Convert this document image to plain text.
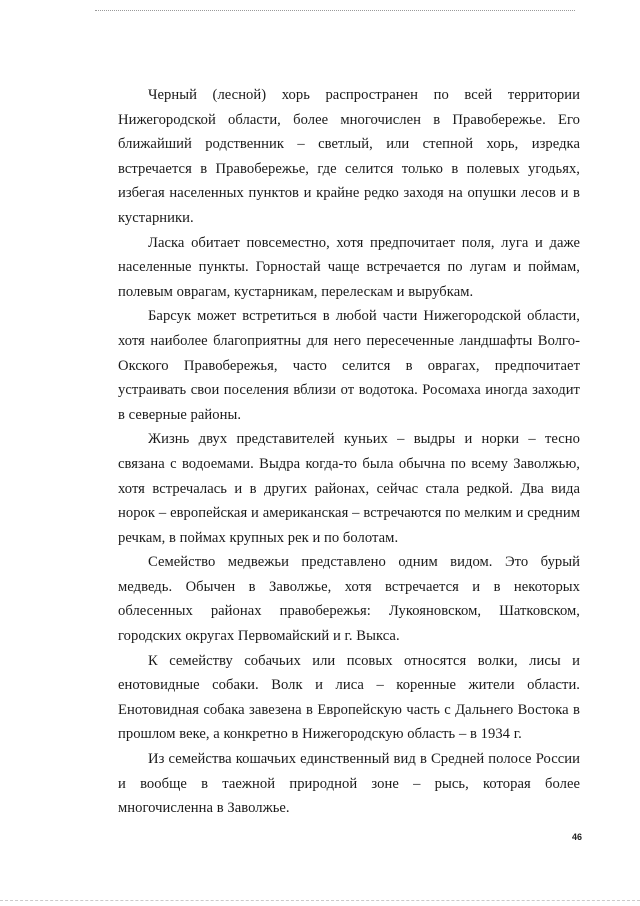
Черный (лесной) хорь распространен по всей территории Нижегородской области, более многочислен в Правобережье. Его ближайший родственник – светлый, или степной хорь, изредка встречается в Правобережье, где селится только в полевых угодьях, избегая населенных пунктов и крайне редко заходя на опушки лесов и в кустарники.

Ласка обитает повсеместно, хотя предпочитает поля, луга и даже населенные пункты. Горностай чаще встречается по лугам и поймам, полевым оврагам, кустарникам, перелескам и вырубкам.

Барсук может встретиться в любой части Нижегородской области, хотя наиболее благоприятны для него пересеченные ландшафты Волго-Окского Правобережья, часто селится в оврагах, предпочитает устраивать свои поселения вблизи от водотока. Росомаха иногда заходит в северные районы.

Жизнь двух представителей куньих – выдры и норки – тесно связана с водоемами. Выдра когда-то была обычна по всему Заволжью, хотя встречалась и в других районах, сейчас стала редкой. Два вида норок – европейская и американская – встречаются по мелким и средним речкам, в поймах крупных рек и по болотам.

Семейство медвежьи представлено одним видом. Это бурый медведь. Обычен в Заволжье, хотя встречается и в некоторых облесенных районах правобережья: Лукояновском, Шатковском, городских округах Первомайский и г. Выкса.

К семейству собачьих или псовых относятся волки, лисы и енотовидные собаки. Волк и лиса – коренные жители области. Енотовидная собака завезена в Европейскую часть с Дальнего Востока в прошлом веке, а конкретно в Нижегородскую область – в 1934 г.

Из семейства кошачьих единственный вид в Средней полосе России и вообще в таежной природной зоне – рысь, которая более многочисленна в Заволжье.

46
